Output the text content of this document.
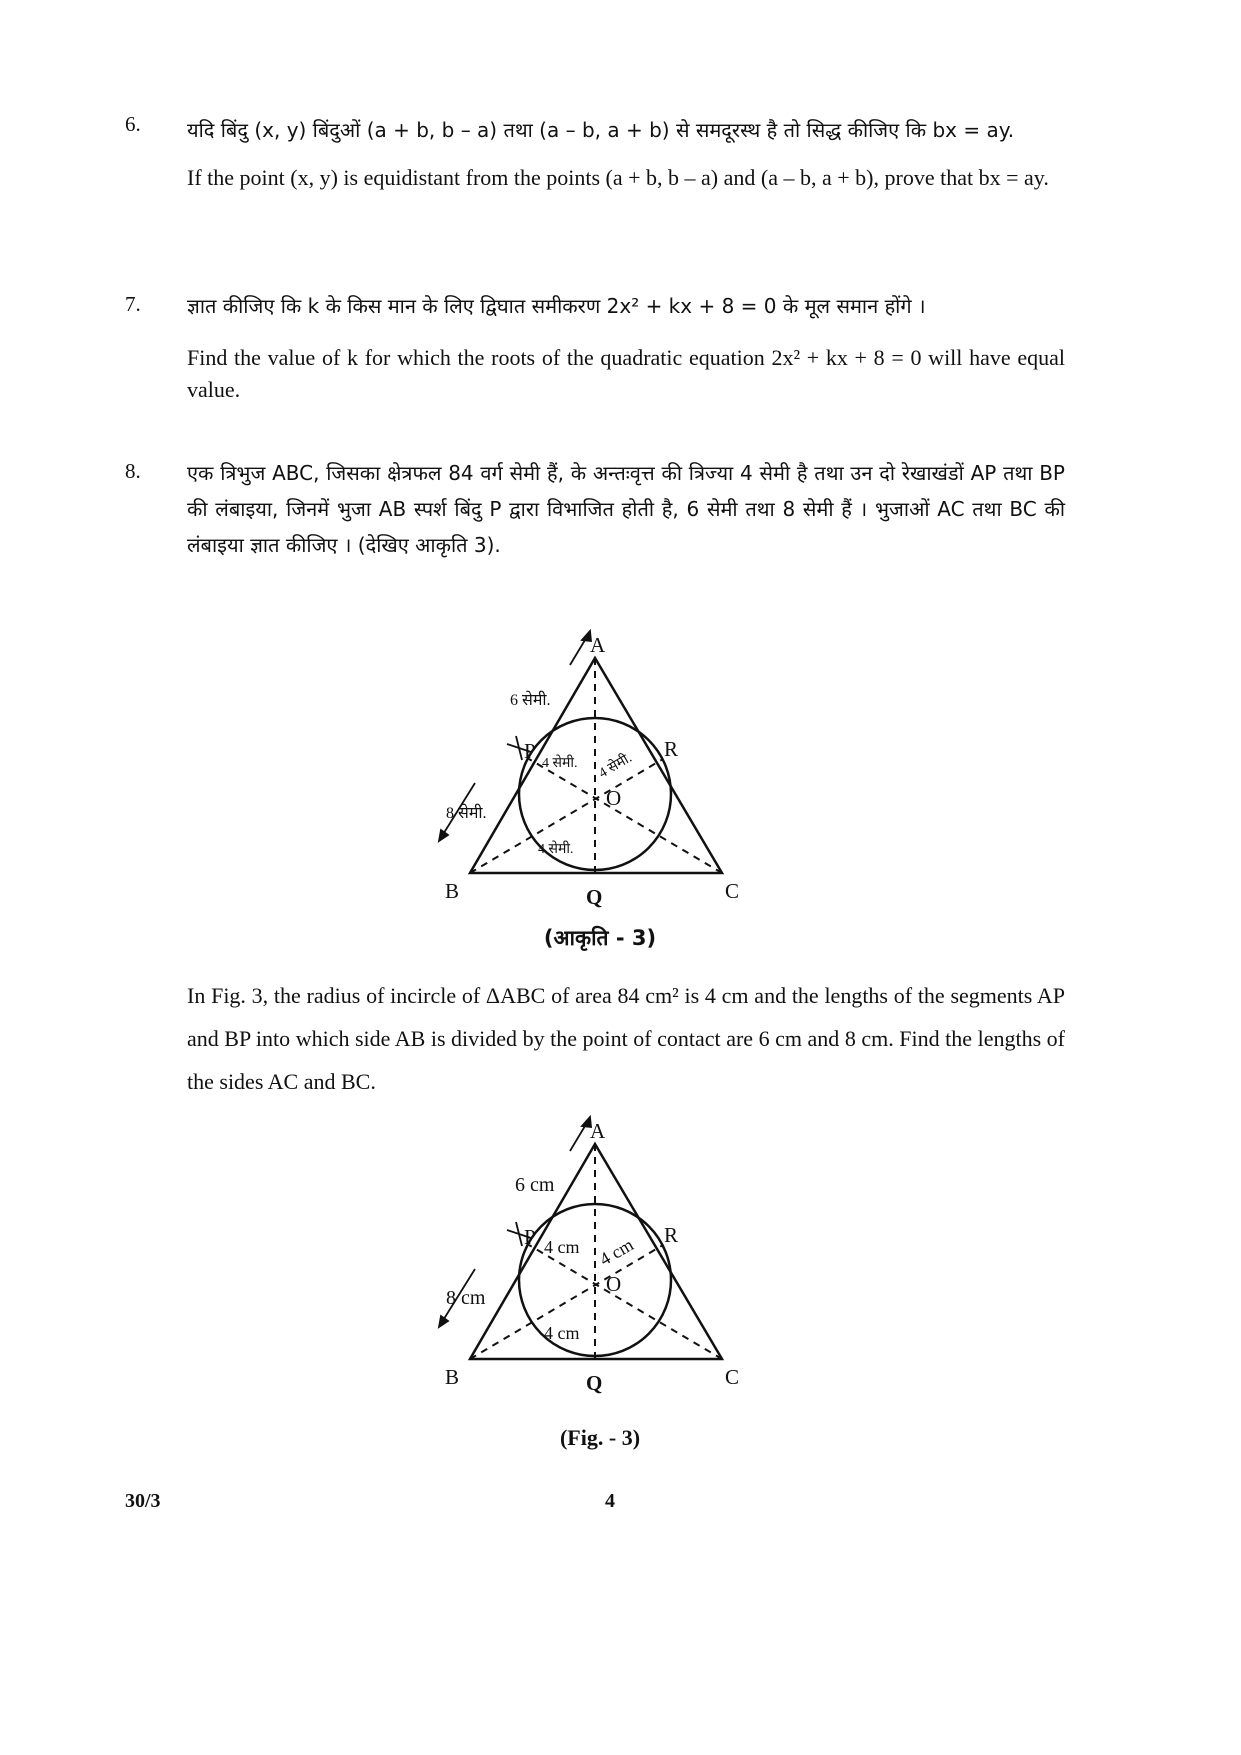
6. यदि बिंदु (x, y) बिंदुओं (a + b, b – a) तथा (a – b, a + b) से समदूरस्थ है तो सिद्ध कीजिए कि bx = ay.

If the point (x, y) is equidistant from the points (a + b, b – a) and (a – b, a + b), prove that bx = ay.

7. ज्ञात कीजिए कि k के किस मान के लिए द्विघात समीकरण 2x² + kx + 8 = 0 के मूल समान होंगे ।

Find the value of k for which the roots of the quadratic equation 2x² + kx + 8 = 0 will have equal value.

8. एक त्रिभुज ABC, जिसका क्षेत्रफल 84 वर्ग सेमी हैं, के अन्तःवृत्त की त्रिज्या 4 सेमी है तथा उन दो रेखाखंडों AP तथा BP की लंबाइया, जिनमें भुजा AB स्पर्श बिंदु P द्वारा विभाजित होती है, 6 सेमी तथा 8 सेमी हैं । भुजाओं AC तथा BC की लंबाइया ज्ञात कीजिए । (देखिए आकृति 3).

A
B	C
P
Q
R
O
6 सेमी.
8 सेमी.
4 सेमी. 4 सेमी.
4 सेमी.
(आकृति - 3)

In Fig. 3, the radius of incircle of ΔABC of area 84 cm² is 4 cm and the lengths of the segments AP and BP into which side AB is divided by the point of contact are 6 cm and 8 cm. Find the lengths of the sides AC and BC.

A
B	C
P
Q
R
O
6 cm
8 cm
4 cm 4 cm
4 cm
(Fig. - 3)
30/3	4
